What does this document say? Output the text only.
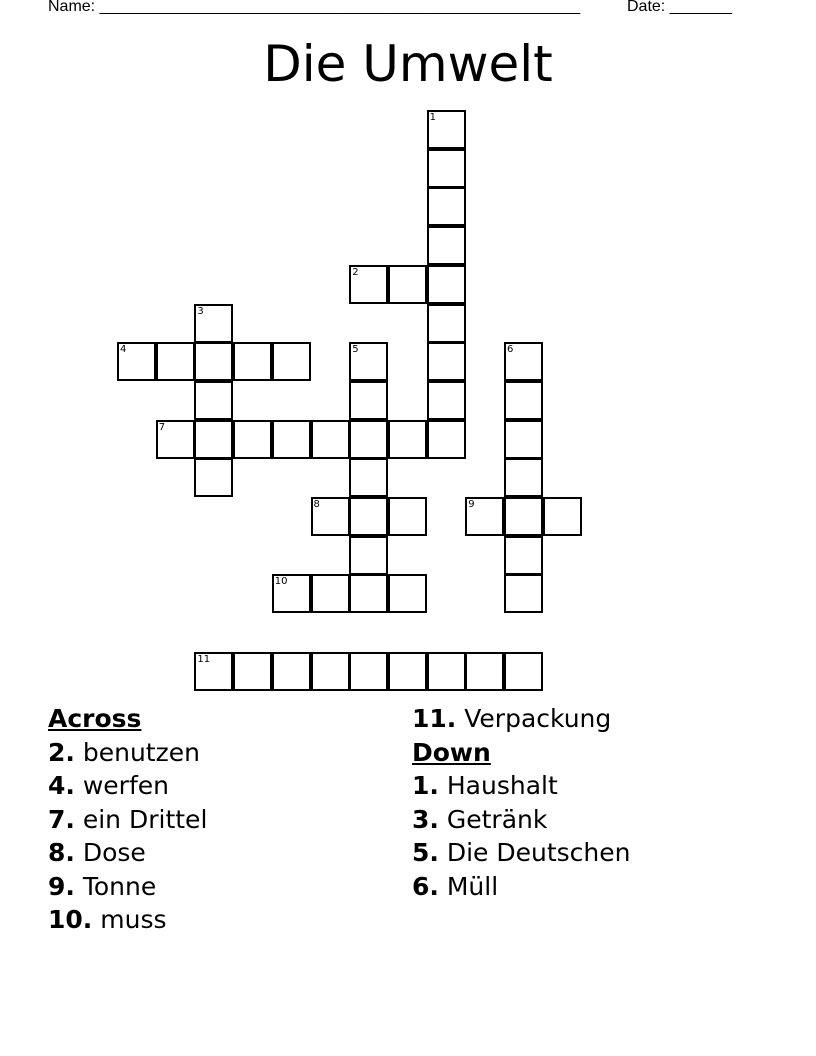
Name: ______________________________________________________	Date: _______
Die Umwelt
1
2
3
4	5	6
7
8	9
10
11
Across
2. benutzen
4. werfen
7. ein Drittel
8. Dose
9. Tonne
10. muss
11. Verpackung
Down
1. Haushalt
3. Getränk
5. Die Deutschen
6. Müll
